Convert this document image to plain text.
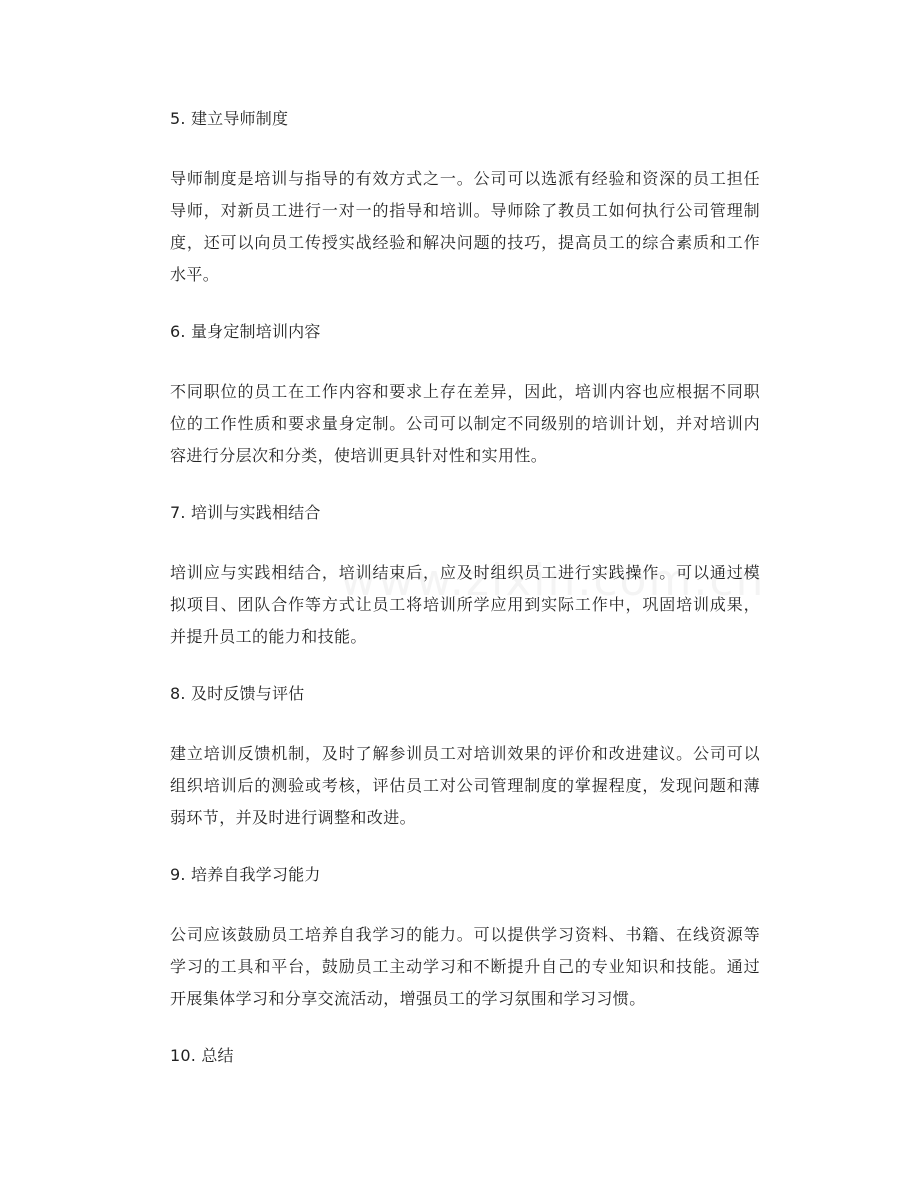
5. 建立导师制度

导师制度是培训与指导的有效方式之一。公司可以选派有经验和资深的员工担任导师，对新员工进行一对一的指导和培训。导师除了教员工如何执行公司管理制度，还可以向员工传授实战经验和解决问题的技巧，提高员工的综合素质和工作水平。

6. 量身定制培训内容

不同职位的员工在工作内容和要求上存在差异，因此，培训内容也应根据不同职位的工作性质和要求量身定制。公司可以制定不同级别的培训计划，并对培训内容进行分层次和分类，使培训更具针对性和实用性。

7. 培训与实践相结合

培训应与实践相结合，培训结束后，应及时组织员工进行实践操作。可以通过模拟项目、团队合作等方式让员工将培训所学应用到实际工作中，巩固培训成果，并提升员工的能力和技能。

8. 及时反馈与评估

建立培训反馈机制，及时了解参训员工对培训效果的评价和改进建议。公司可以组织培训后的测验或考核，评估员工对公司管理制度的掌握程度，发现问题和薄弱环节，并及时进行调整和改进。

9. 培养自我学习能力

公司应该鼓励员工培养自我学习的能力。可以提供学习资料、书籍、在线资源等学习的工具和平台，鼓励员工主动学习和不断提升自己的专业知识和技能。通过开展集体学习和分享交流活动，增强员工的学习氛围和学习习惯。

10. 总结
